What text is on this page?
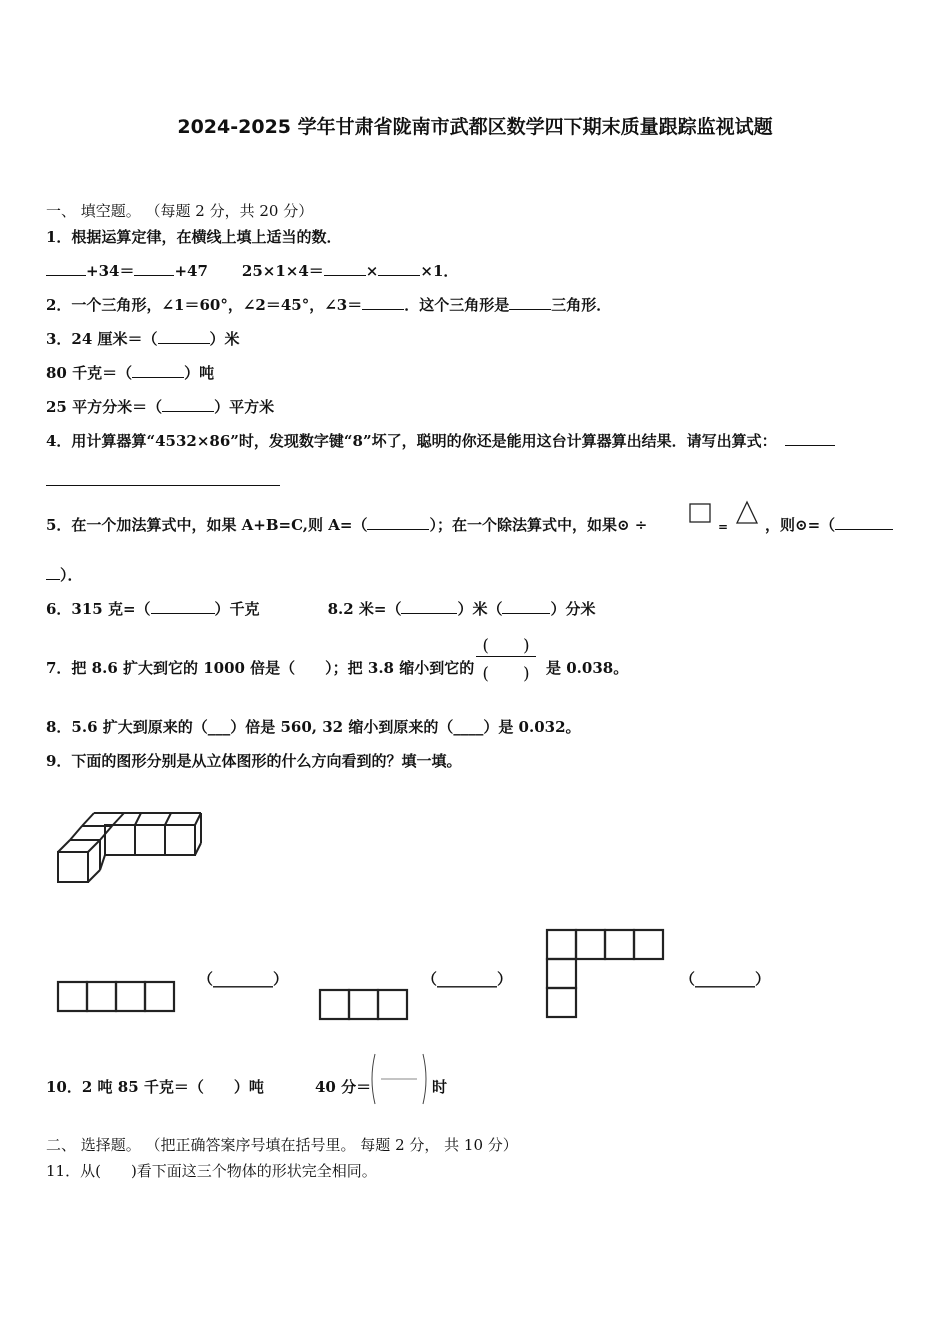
2024-2025 学年甘肃省陇南市武都区数学四下期末质量跟踪监视试题
一、 填空题。 （每题 2 分，共 20 分）
1．根据运算定律，在横线上填上适当的数．
+34＝	+47 25×1×4＝	×	×1．
2．一个三角形，∠1＝60°，∠2＝45°，∠3＝	．这个三角形是	三角形．
3．24 厘米＝（	）米
80 千克＝（	）吨
25 平方分米＝（	）平方米
4．用计算器算“4532×86”时，发现数字键“8”坏了，聪明的你还是能用这台计算器算出结果．请写出算式：
5．在一个加法算式中，如果 A+B=C,则 A=（	）；在一个除法算式中，如果⊙ ÷	= ，则⊙=（
）．
6．315 克=（	）千克	8.2 米=（	）米（	）分米
7．把 8.6 扩大到它的 1000 倍是（　　）；把 3.8 缩小到它的
(　　)
(　　)	是 0.038。
8．5.6 扩大到原来的（___）倍是 560, 32 缩小到原来的（____）是 0.032。
9．下面的图形分别是从立体图形的什么方向看到的？填一填。
（________）	（________）	（________）
10．2 吨 85 千克＝（　　）吨	40 分＝	时
二、 选择题。 （把正确答案序号填在括号里。 每题 2 分， 共 10 分）
11．从(　　)看下面这三个物体的形状完全相同。
